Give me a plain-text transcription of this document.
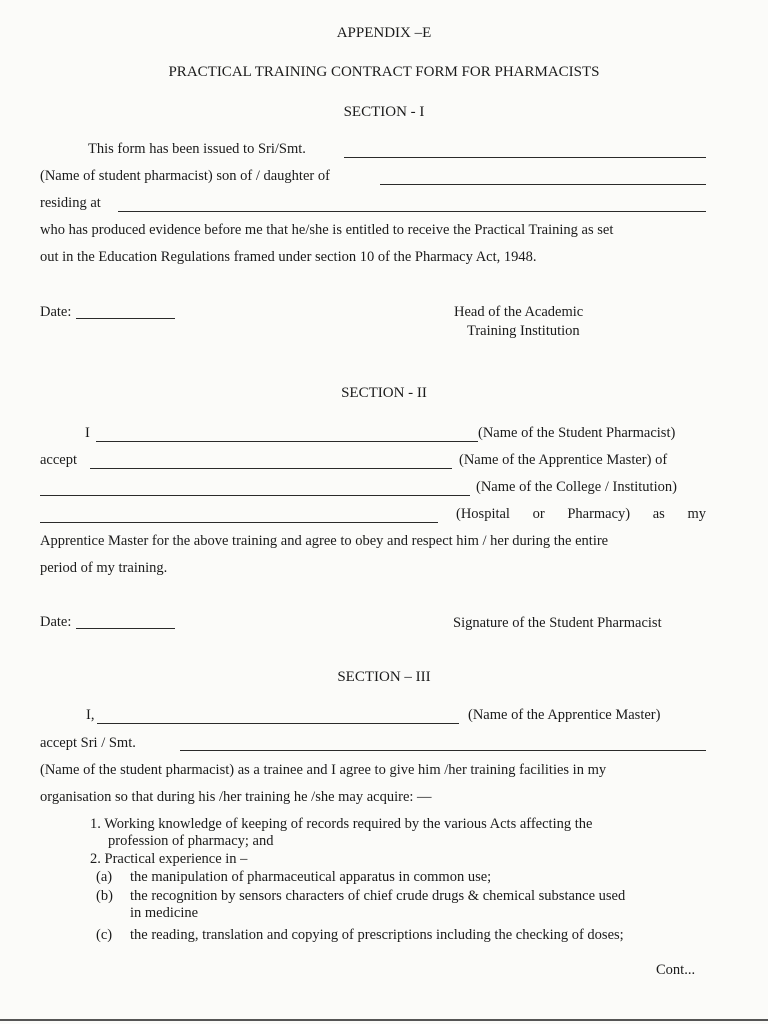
APPENDIX –E
PRACTICAL TRAINING CONTRACT FORM FOR PHARMACISTS
SECTION - I
This form has been issued to Sri/Smt.
(Name of student pharmacist) son of / daughter of
residing at
who has produced evidence before me that he/she is entitled to receive the Practical Training as set
out in the Education Regulations framed under section 10 of the Pharmacy Act, 1948.
Date:	Head of the Academic
Training Institution
SECTION - II
I	(Name of the Student Pharmacist)
accept	(Name of the Apprentice Master) of
(Name of the College / Institution)
(Hospital or Pharmacy) as my
Apprentice Master for the above training and agree to obey and respect him / her during the entire
period of my training.
Date:	Signature of the Student Pharmacist
SECTION – III
I,	(Name of the Apprentice Master)
accept Sri / Smt.
(Name of the student pharmacist) as a trainee and I agree to give him /her training facilities in my
organisation so that during his /her training he /she may acquire: —
1. Working knowledge of keeping of records required by the various Acts affecting the
profession of pharmacy; and
2. Practical experience in –
(a) the manipulation of pharmaceutical apparatus in common use;
(b) the recognition by sensors characters of chief crude drugs & chemical substance used
in medicine
(c) the reading, translation and copying of prescriptions including the checking of doses;
Cont...
